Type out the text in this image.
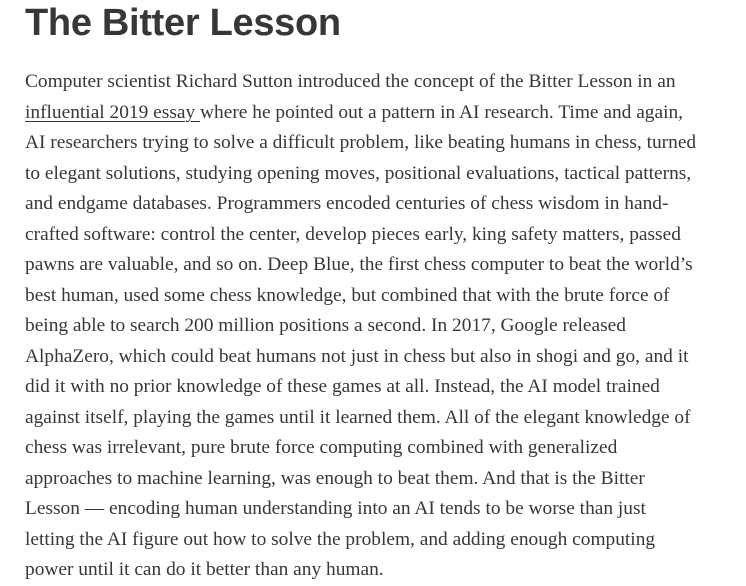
The Bitter Lesson

Computer scientist Richard Sutton introduced the concept of the Bitter Lesson in an
influential 2019 essay where he pointed out a pattern in AI research. Time and again,
AI researchers trying to solve a difficult problem, like beating humans in chess, turned
to elegant solutions, studying opening moves, positional evaluations, tactical patterns,
and endgame databases. Programmers encoded centuries of chess wisdom in hand-
crafted software: control the center, develop pieces early, king safety matters, passed
pawns are valuable, and so on. Deep Blue, the first chess computer to beat the world’s
best human, used some chess knowledge, but combined that with the brute force of
being able to search 200 million positions a second. In 2017, Google released
AlphaZero, which could beat humans not just in chess but also in shogi and go, and it
did it with no prior knowledge of these games at all. Instead, the AI model trained
against itself, playing the games until it learned them. All of the elegant knowledge of
chess was irrelevant, pure brute force computing combined with generalized
approaches to machine learning, was enough to beat them. And that is the Bitter
Lesson — encoding human understanding into an AI tends to be worse than just
letting the AI figure out how to solve the problem, and adding enough computing
power until it can do it better than any human.
